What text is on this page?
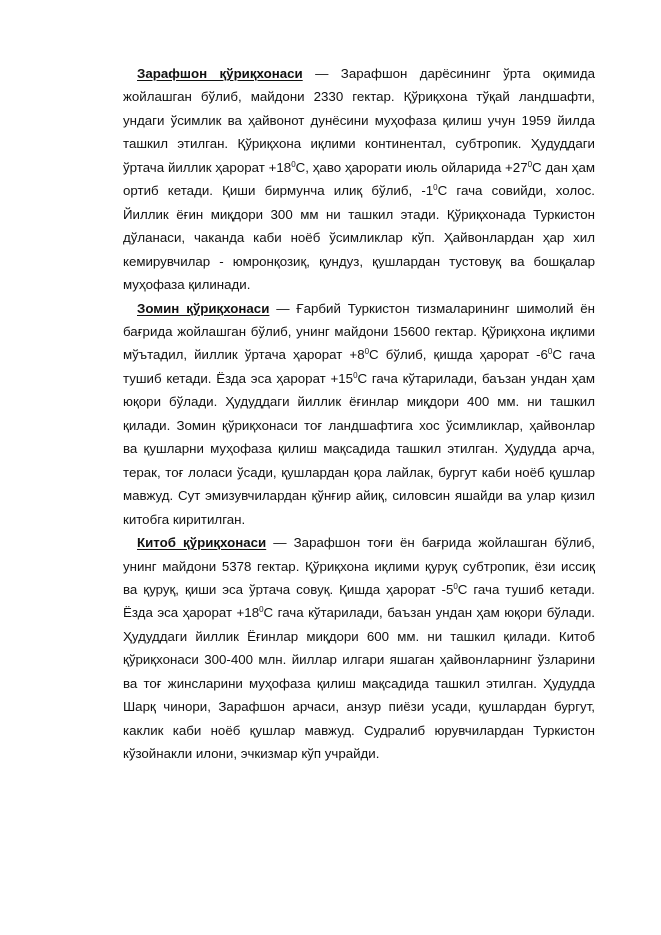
Зарафшон қўриқхонаси — Зарафшон дарёсининг ўрта оқимида жойлашган бўлиб, майдони 2330 гектар. Қўриқхона тўқай ландшафти, ундаги ўсимлик ва ҳайвонот дунёсини муҳофаза қилиш учун 1959 йилда ташкил этилган. Қўриқхона иқлими континентал, субтропик. Ҳудуддаги ўртача йиллик ҳарорат $+18^0С$, ҳаво ҳарорати июль ойларида $+27^0С$ дан ҳам ортиб кетади. Қиши бирмунча илиқ бўлиб, $-1^0С$ гача совийди, холос. Йиллик ёғин миқдори 300 мм ни ташкил этади. Қўриқхонада Туркистон дўланаси, чаканда каби ноёб ўсимликлар кўп. Ҳайвонлардан ҳар хил кемирувчилар - юмронқозиқ, қундуз, қушлардан тустовуқ ва бошқалар муҳофаза қилинади.

Зомин қўриқхонаси — Ғарбий Туркистон тизмаларининг шимолий ён бағрида жойлашган бўлиб, унинг майдони 15600 гектар. Қўриқхона иқлими мўътадил, йиллик ўртача ҳарорат $+8^0С$ бўлиб, қишда ҳарорат $-6^0С$ гача тушиб кетади. Ёзда эса ҳарорат $+15^0С$ гача кўтарилади, баъзан ундан ҳам юқори бўлади. Ҳудуддаги йиллик ёғинлар миқдори 400 мм. ни ташкил қилади. Зомин қўриқхонаси тоғ ландшафтига хос ўсимликлар, ҳайвонлар ва қушларни муҳофаза қилиш мақсадида ташкил этилган. Ҳудудда арча, терак, тоғ лоласи ўсади, қушлардан қора лайлак, бургут каби ноёб қушлар мавжуд. Сут эмизувчилардан қўнғир айиқ, силовсин яшайди ва улар қизил китобга киритилган.

Китоб қўриқхонаси — Зарафшон тоғи ён бағрида жойлашган бўлиб, унинг майдони 5378 гектар. Қўриқхона иқлими қуруқ субтропик, ёзи иссиқ ва қуруқ, қиши эса ўртача совуқ. Қишда ҳарорат $-5^0С$ гача тушиб кетади. Ёзда эса ҳарорат $+18^0С$ гача кўтарилади, баъзан ундан ҳам юқори бўлади. Ҳудуддаги йиллик Ёғинлар миқдори 600 мм. ни ташкил қилади. Китоб қўриқхонаси 300-400 млн. йиллар илгари яшаган ҳайвонларнинг ўзларини ва тоғ жинсларини муҳофаза қилиш мақсадида ташкил этилган. Ҳудудда Шарқ чинори, Зарафшон арчаси, анзур пиёзи усади, қушлардан бургут, каклик каби ноёб қушлар мавжуд. Судралиб юрувчилардан Туркистон кўзойнакли илони, эчкизмар кўп учрайди.
